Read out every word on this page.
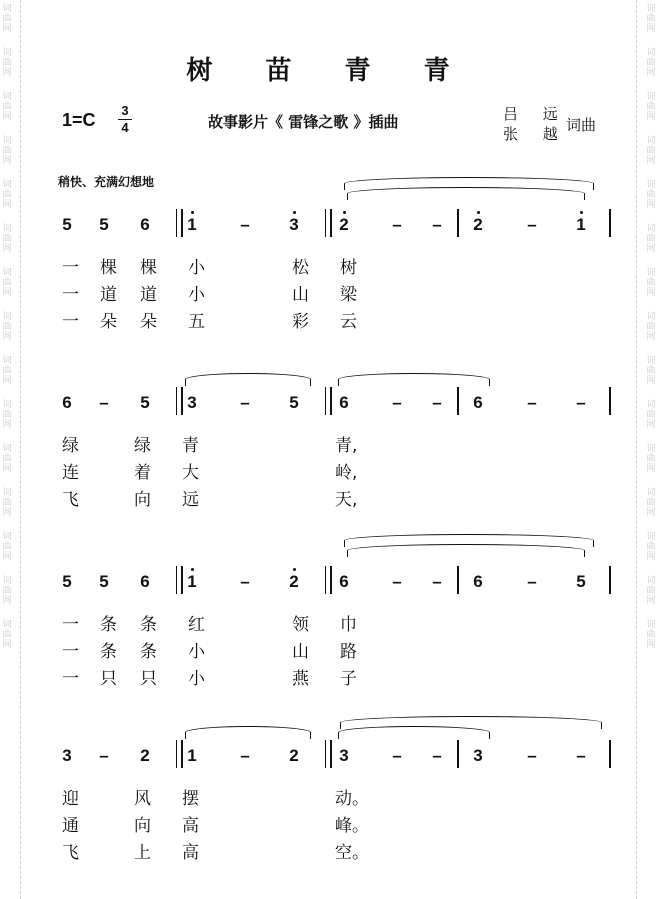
词
曲
网
词
曲
网
词
曲
网
词
曲
网
词
曲
网
词
曲
网
词
曲
网
词
曲
网
词
曲
网
词
曲
网
词
曲
网
词
曲
网
词
曲
网
词
曲
网
词
曲
网
词
曲
网
词
曲
网
词
曲
网
词
曲
网
词
曲
网
词
曲
网
词
曲
网
词
曲
网
词
曲
网
词
曲
网
词
曲
网
词
曲
网
词
曲
网
词
曲
网
词
曲
网
树 苗 青 青
1=C 3
4	故事影片《 雷锋之歌 》插曲	吕 远
张 越
词曲
稍快、充满幻想地
5 5 6 1	– 3 2	– – 2	– 1
一 棵 棵 小	松 树
一 道 道 小	山 梁
一 朵 朵 五	彩 云
6 – 5 3	– 5 6	– – 6	– –
绿	绿 青	青,
连	着 大	岭,
飞	向 远	天,
5 5 6 1	– 2 6	– – 6	– 5
一 条 条 红	领 巾
一 条 条 小	山 路
一 只 只 小	燕 子
3 – 2 1	– 2 3	– – 3	– –
迎	风 摆	动。
通	向 高	峰。
飞	上 高	空。
